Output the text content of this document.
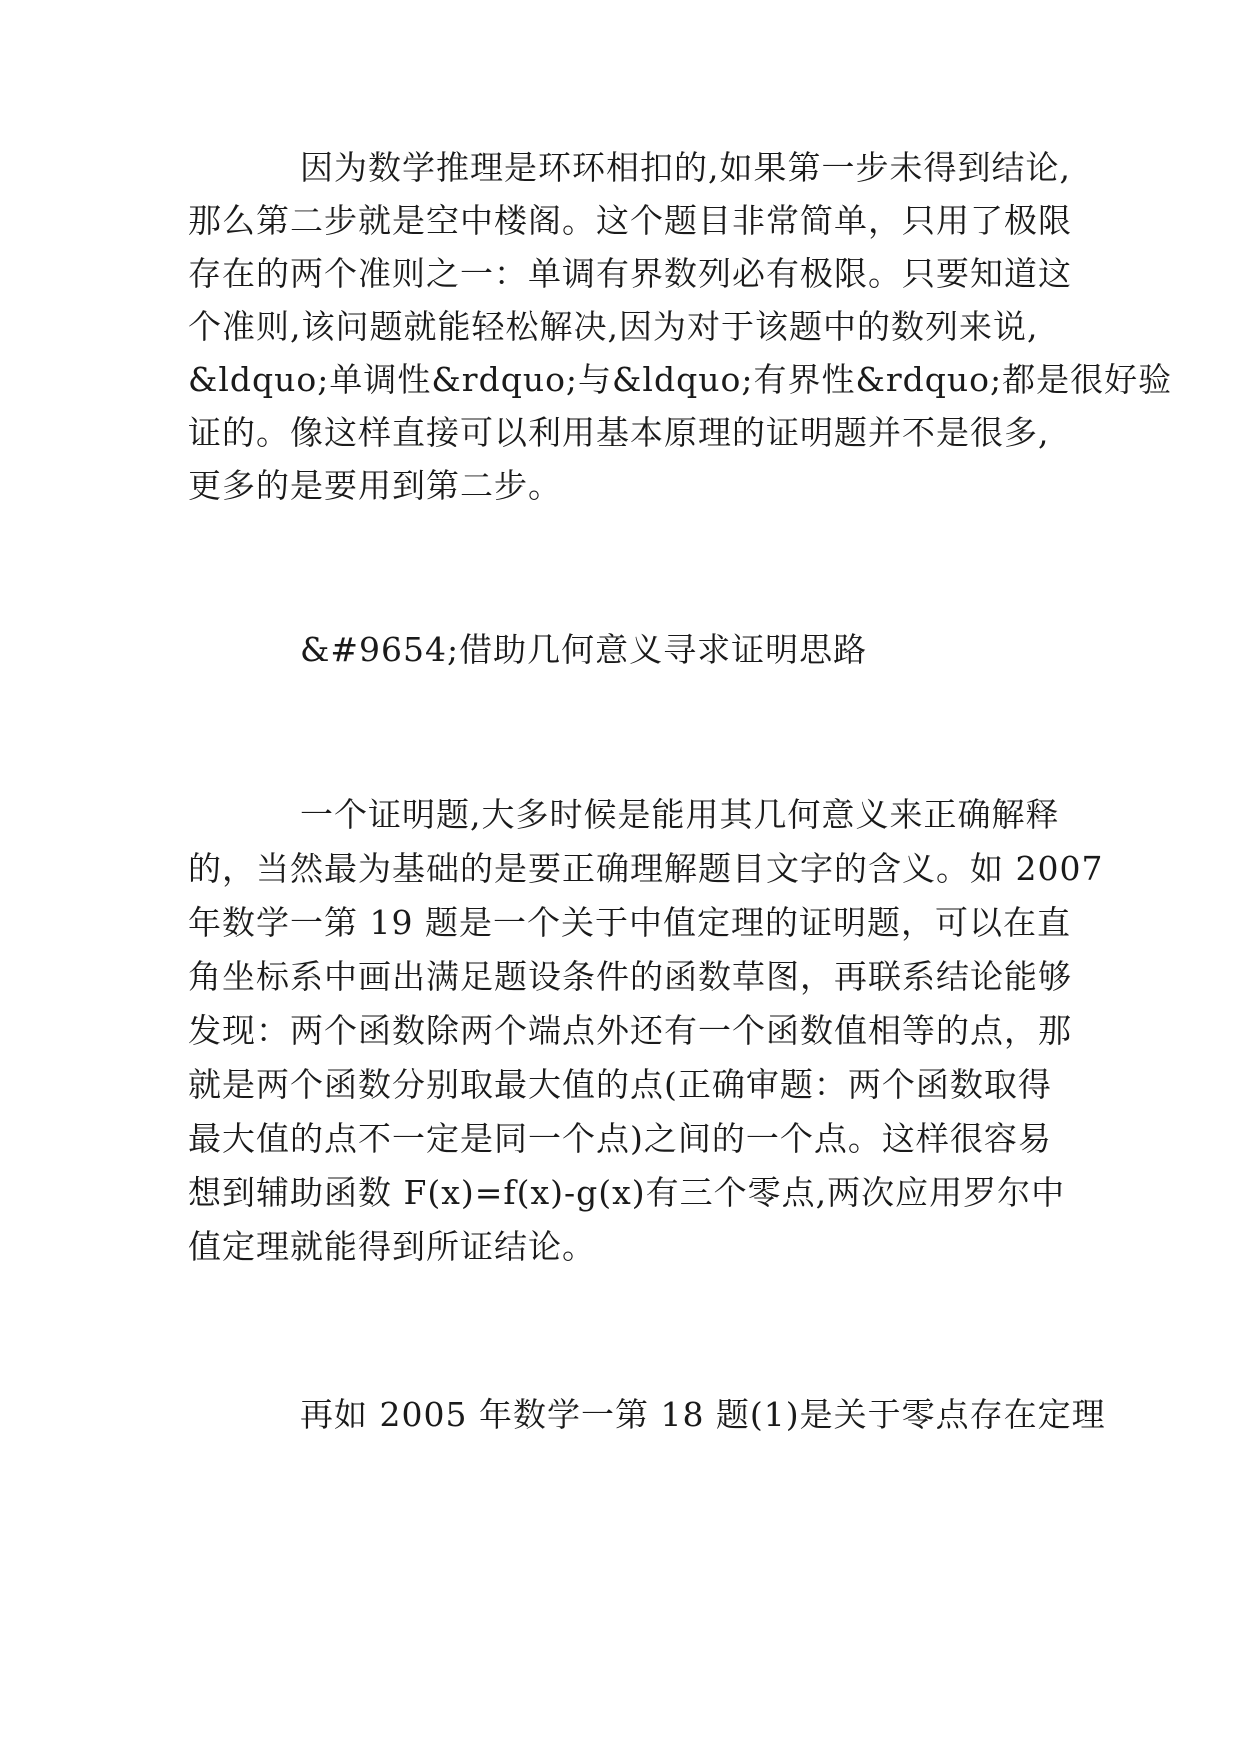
因为数学推理是环环相扣的,如果第一步未得到结论,
那么第二步就是空中楼阁。这个题目非常简单，只用了极限
存在的两个准则之一：单调有界数列必有极限。只要知道这
个准则,该问题就能轻松解决,因为对于该题中的数列来说,
&ldquo;单调性&rdquo;与&ldquo;有界性&rdquo;都是很好验
证的。像这样直接可以利用基本原理的证明题并不是很多,
更多的是要用到第二步。
&#9654;借助几何意义寻求证明思路
一个证明题,大多时候是能用其几何意义来正确解释
的，当然最为基础的是要正确理解题目文字的含义。如 2007
年数学一第 19 题是一个关于中值定理的证明题，可以在直
角坐标系中画出满足题设条件的函数草图，再联系结论能够
发现：两个函数除两个端点外还有一个函数值相等的点，那
就是两个函数分别取最大值的点(正确审题：两个函数取得
最大值的点不一定是同一个点)之间的一个点。这样很容易
想到辅助函数 F(x)=f(x)-g(x)有三个零点,两次应用罗尔中
值定理就能得到所证结论。
再如 2005 年数学一第 18 题(1)是关于零点存在定理
